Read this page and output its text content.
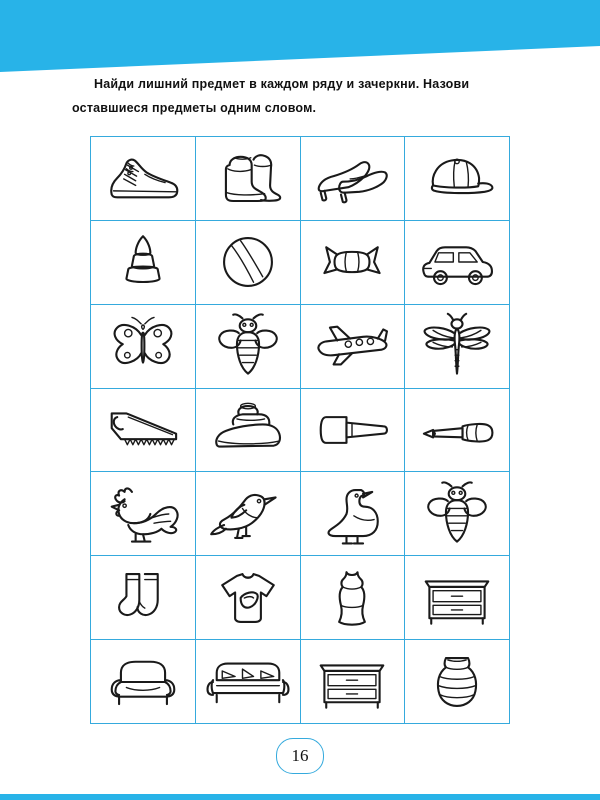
Найди лишний предмет в каждом ряду и зачеркни. Назови
оставшиеся предметы одним словом.
16
